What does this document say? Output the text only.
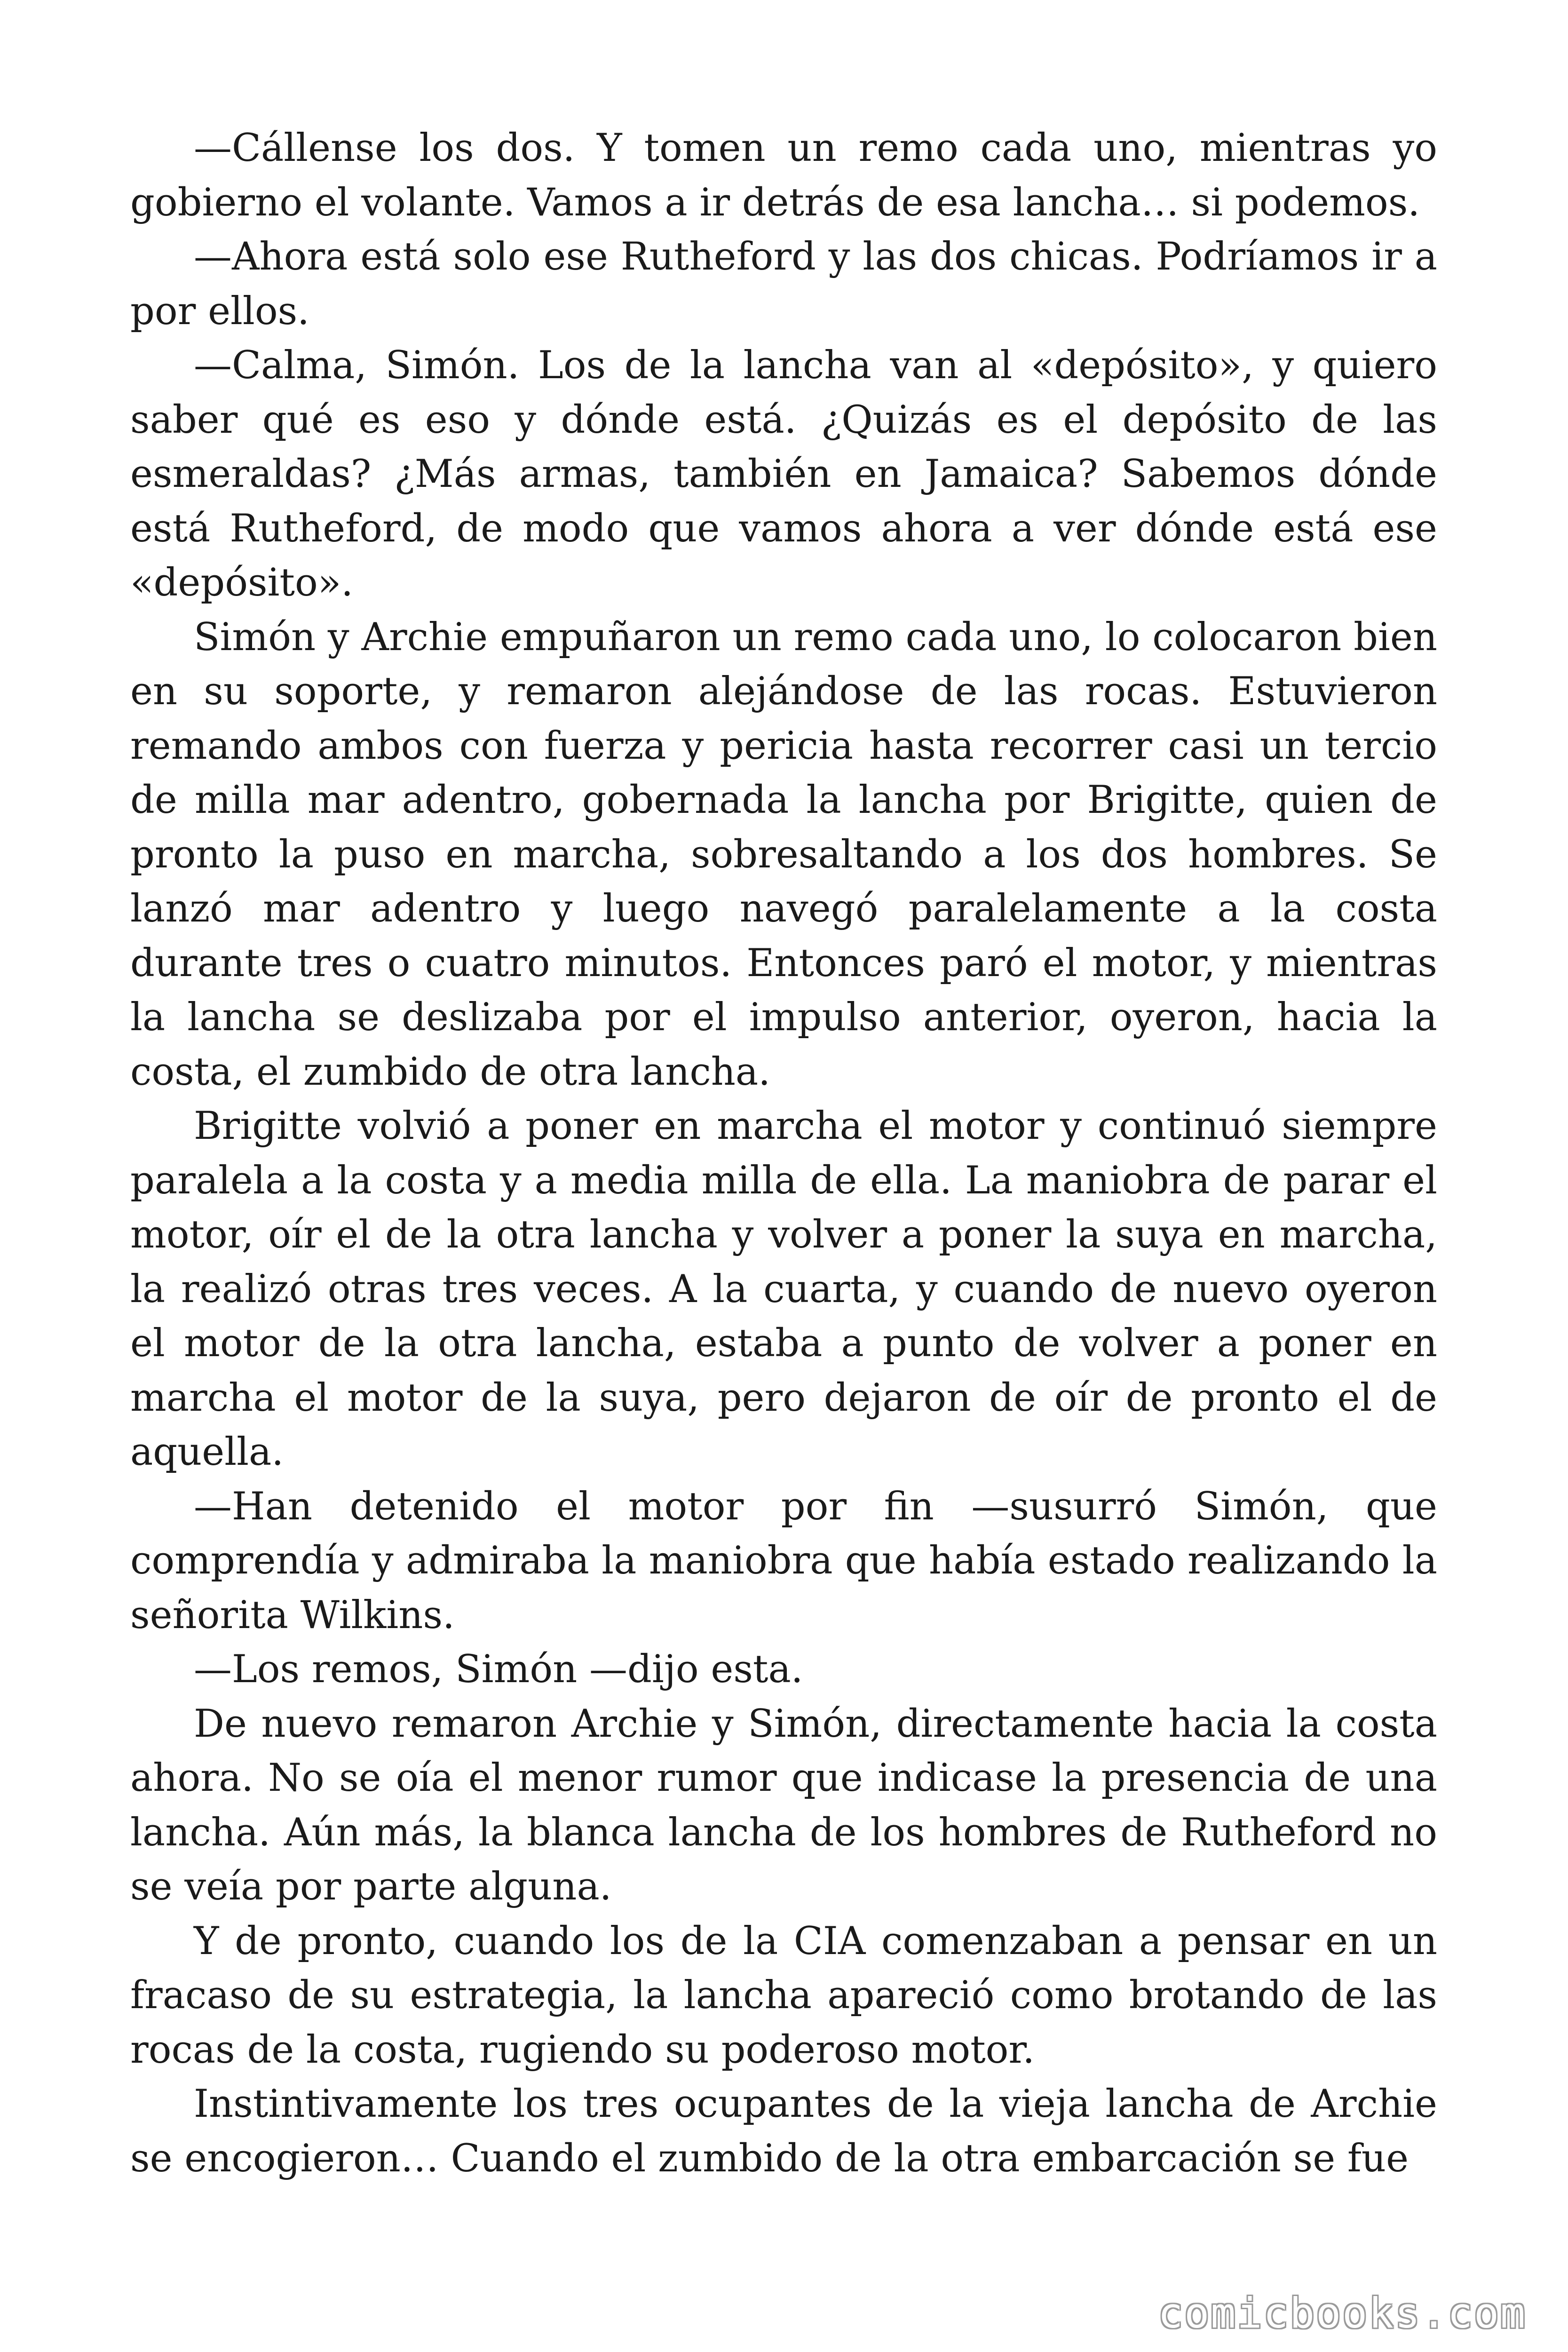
—Cállense los dos. Y tomen un remo cada uno, mientras yo gobierno el volante. Vamos a ir detrás de esa lancha… si podemos.

—Ahora está solo ese Rutheford y las dos chicas. Podríamos ir a por ellos.

—Calma, Simón. Los de la lancha van al «depósito», y quiero saber qué es eso y dónde está. ¿Quizás es el depósito de las esmeraldas? ¿Más armas, también en Jamaica? Sabemos dónde está Rutheford, de modo que vamos ahora a ver dónde está ese «depósito».

Simón y Archie empuñaron un remo cada uno, lo colocaron bien en su soporte, y remaron alejándose de las rocas. Estuvieron remando ambos con fuerza y pericia hasta recorrer casi un tercio de milla mar adentro, gobernada la lancha por Brigitte, quien de pronto la puso en marcha, sobresaltando a los dos hombres. Se lanzó mar adentro y luego navegó paralelamente a la costa durante tres o cuatro minutos. Entonces paró el motor, y mientras la lancha se deslizaba por el impulso anterior, oyeron, hacia la costa, el zumbido de otra lancha.

Brigitte volvió a poner en marcha el motor y continuó siempre paralela a la costa y a media milla de ella. La maniobra de parar el motor, oír el de la otra lancha y volver a poner la suya en marcha, la realizó otras tres veces. A la cuarta, y cuando de nuevo oyeron el motor de la otra lancha, estaba a punto de volver a poner en marcha el motor de la suya, pero dejaron de oír de pronto el de aquella.

—Han detenido el motor por fin —susurró Simón, que comprendía y admiraba la maniobra que había estado realizando la señorita Wilkins.

—Los remos, Simón —dijo esta.

De nuevo remaron Archie y Simón, directamente hacia la costa ahora. No se oía el menor rumor que indicase la presencia de una lancha. Aún más, la blanca lancha de los hombres de Rutheford no se veía por parte alguna.

Y de pronto, cuando los de la CIA comenzaban a pensar en un fracaso de su estrategia, la lancha apareció como brotando de las rocas de la costa, rugiendo su poderoso motor.

Instintivamente los tres ocupantes de la vieja lancha de Archie se encogieron… Cuando el zumbido de la otra embarcación se fue

comicbooks.com
